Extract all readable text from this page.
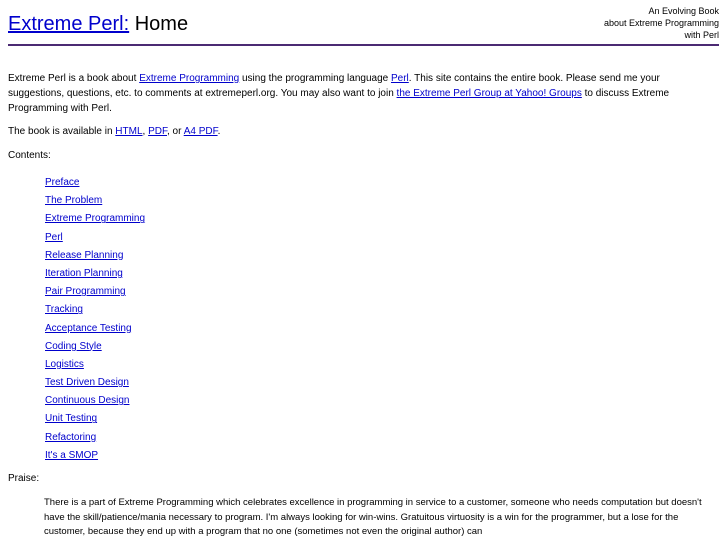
Extreme Perl: Home
An Evolving Book
about Extreme Programming
with Perl

Extreme Perl is a book about Extreme Programming using the programming language Perl. This site contains the entire book. Please send me your suggestions, questions, etc. to comments at extremeperl.org. You may also want to join the Extreme Perl Group at Yahoo! Groups to discuss Extreme Programming with Perl.

The book is available in HTML, PDF, or A4 PDF.

Contents:

Preface
The Problem
Extreme Programming
Perl
Release Planning
Iteration Planning
Pair Programming
Tracking
Acceptance Testing
Coding Style
Logistics
Test Driven Design
Continuous Design
Unit Testing
Refactoring
It's a SMOP

Praise:

There is a part of Extreme Programming which celebrates excellence in programming in service to a customer, someone who needs computation but doesn't have the skill/patience/mania necessary to program. I'm always looking for win-wins. Gratuitous virtuosity is a win for the programmer, but a lose for the customer, because they end up with a program that no one (sometimes not even the original author) can
